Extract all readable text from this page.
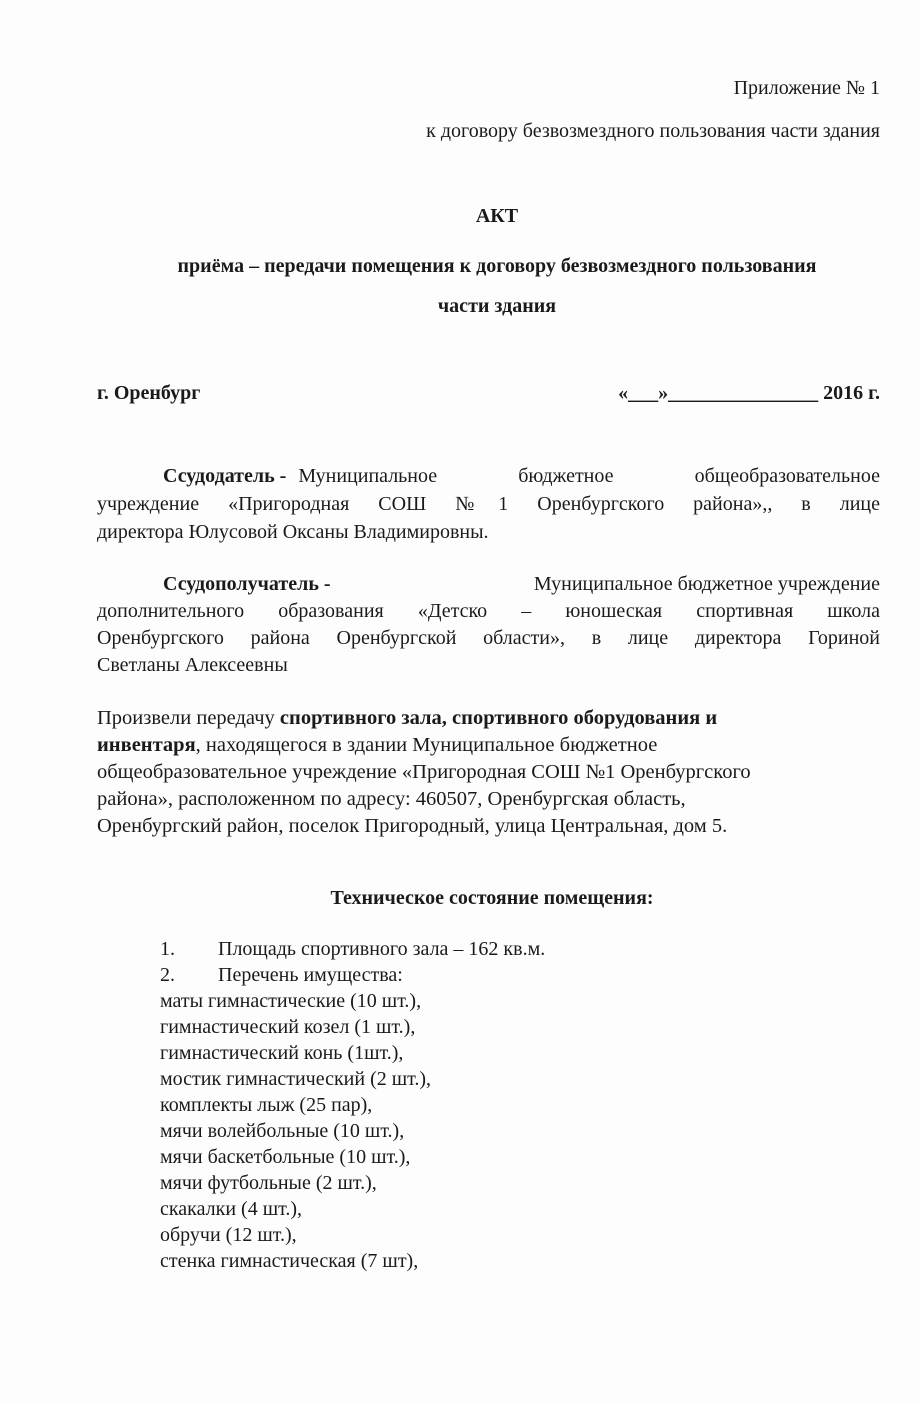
Приложение № 1
к договору безвозмездного пользования части здания
АКТ
приёма – передачи помещения к договору безвозмездного пользования
части здания
г. Оренбург	«___»_______________ 2016 г.
Ссудодатель - Муниципальное бюджетное общеобразовательное
учреждение «Пригородная СОШ №1 Оренбургского района»,, в лице
директора Юлусовой Оксаны Владимировны.
Ссудополучатель -	Муниципальное бюджетное учреждение
дополнительного образования «Детско – юношеская спортивная школа
Оренбургского района Оренбургской области», в лице директора Гориной
Светланы Алексеевны
Произвели передачу спортивного зала, спортивного оборудования и
инвентаря, находящегося в здании Муниципальное бюджетное
общеобразовательное учреждение «Пригородная СОШ №1 Оренбургского
района», расположенном по адресу: 460507, Оренбургская область,
Оренбургский район, поселок Пригородный, улица Центральная, дом 5.
Техническое состояние помещения:
1. Площадь спортивного зала – 162 кв.м.
2. Перечень имущества:
маты гимнастические (10 шт.),
гимнастический козел (1 шт.),
гимнастический конь (1шт.),
мостик гимнастический (2 шт.),
комплекты лыж (25 пар),
мячи волейбольные (10 шт.),
мячи баскетбольные (10 шт.),
мячи футбольные (2 шт.),
скакалки (4 шт.),
обручи (12 шт.),
стенка гимнастическая (7 шт),
